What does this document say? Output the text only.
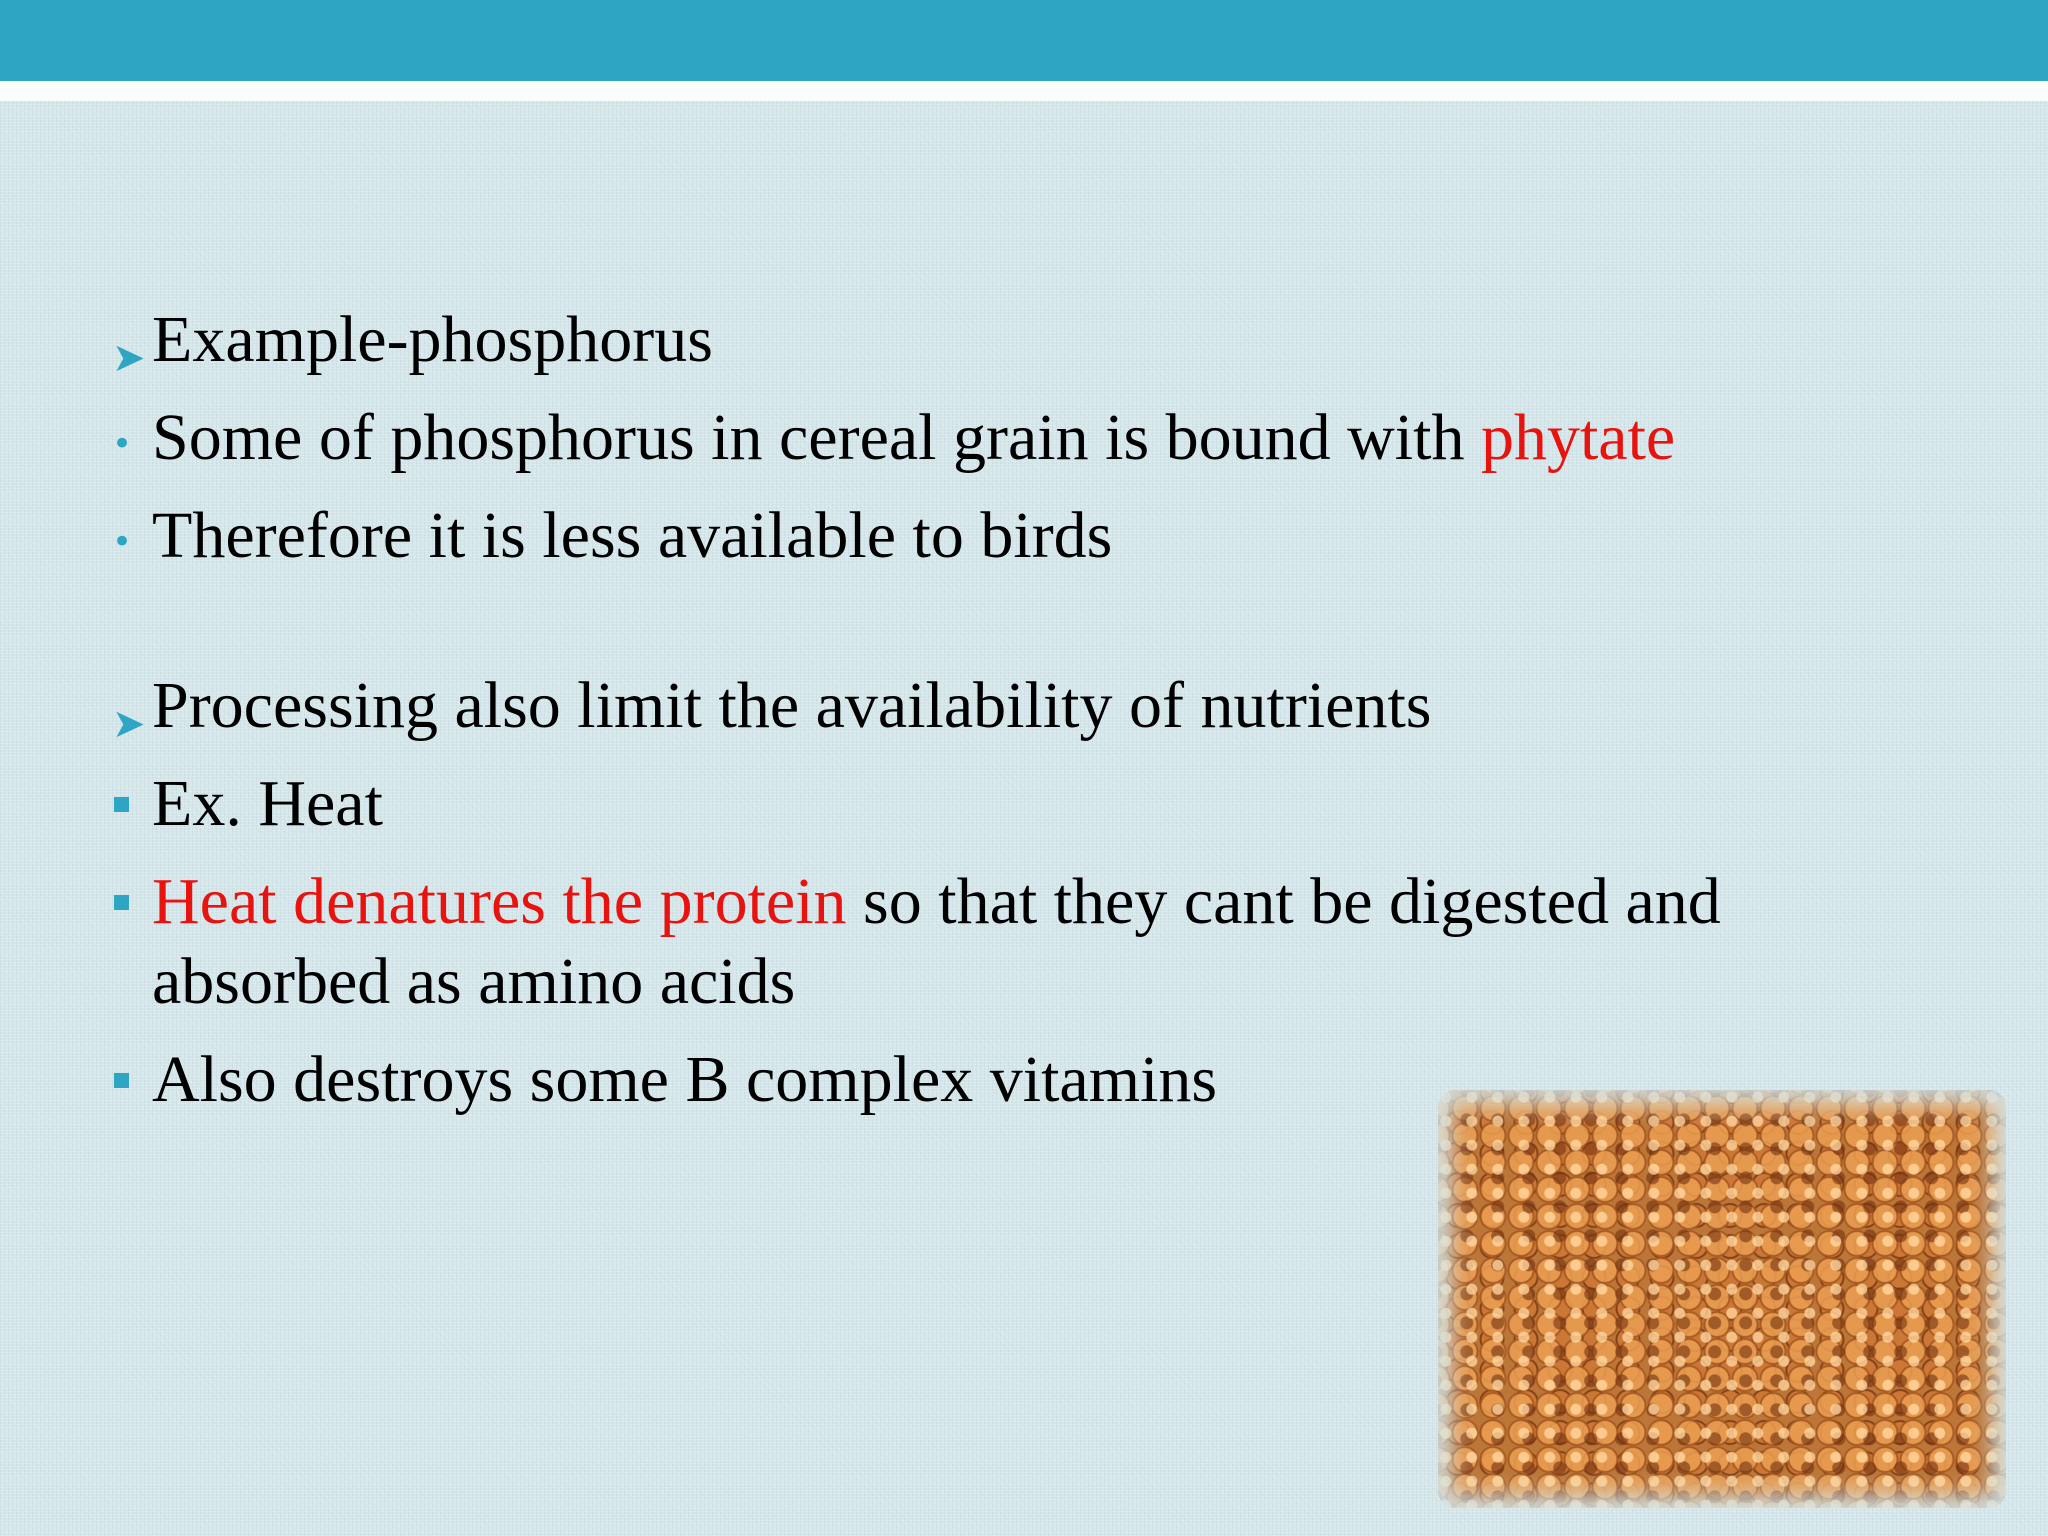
➤ Example-phosphorus
• Some of phosphorus in cereal grain is bound with phytate
• Therefore it is less available to birds
➤ Processing also limit the availability of nutrients
Ex. Heat
Heat denatures the protein so that they cant be digested and
absorbed as amino acids
Also destroys some B complex vitamins
